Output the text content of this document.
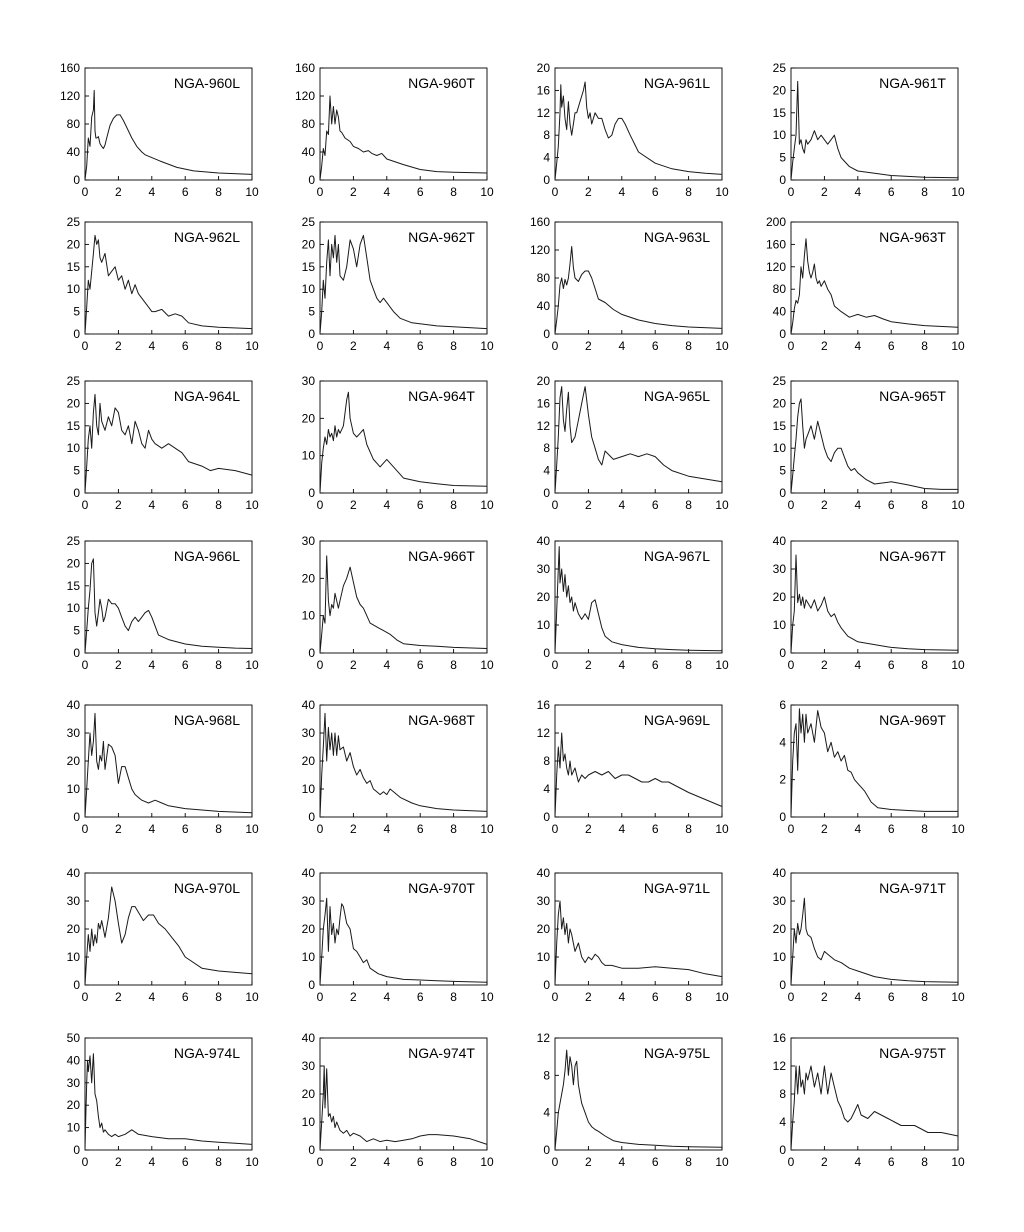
0
40
80
120
160
0 2 4 6 8 10
NGA-960L
0
40
80
120
160
0 2 4 6 8 10
NGA-960T
0
4
8
12
16
20
0 2 4 6 8 10
NGA-961L
0
5
10
15
20
25
0 2 4 6 8 10
NGA-961T
0
5
10
15
20
25
0 2 4 6 8 10
NGA-962L
0
5
10
15
20
25
0 2 4 6 8 10
NGA-962T
0
40
80
120
160
0 2 4 6 8 10
NGA-963L
0
40
80
120
160
200
0 2 4 6 8 10
NGA-963T
0
5
10
15
20
25
0 2 4 6 8 10
NGA-964L
0
10
20
30
0 2 4 6 8 10
NGA-964T
0
4
8
12
16
20
0 2 4 6 8 10
NGA-965L
0
5
10
15
20
25
0 2 4 6 8 10
NGA-965T
0
5
10
15
20
25
0 2 4 6 8 10
NGA-966L
0
10
20
30
0 2 4 6 8 10
NGA-966T
0
10
20
30
40
0 2 4 6 8 10
NGA-967L
0
10
20
30
40
0 2 4 6 8 10
NGA-967T
0
10
20
30
40
0 2 4 6 8 10
NGA-968L
0
10
20
30
40
0 2 4 6 8 10
NGA-968T
0
4
8
12
16
0 2 4 6 8 10
NGA-969L
0
2
4
6
0 2 4 6 8 10
NGA-969T
0
10
20
30
40
0 2 4 6 8 10
NGA-970L
0
10
20
30
40
0 2 4 6 8 10
NGA-970T
0
10
20
30
40
0 2 4 6 8 10
NGA-971L
0
10
20
30
40
0 2 4 6 8 10
NGA-971T
0
10
20
30
40
50
0 2 4 6 8 10
NGA-974L
0
10
20
30
40
0 2 4 6 8 10
NGA-974T
0
4
8
12
0 2 4 6 8 10
NGA-975L
0
4
8
12
16
0 2 4 6 8 10
NGA-975T
